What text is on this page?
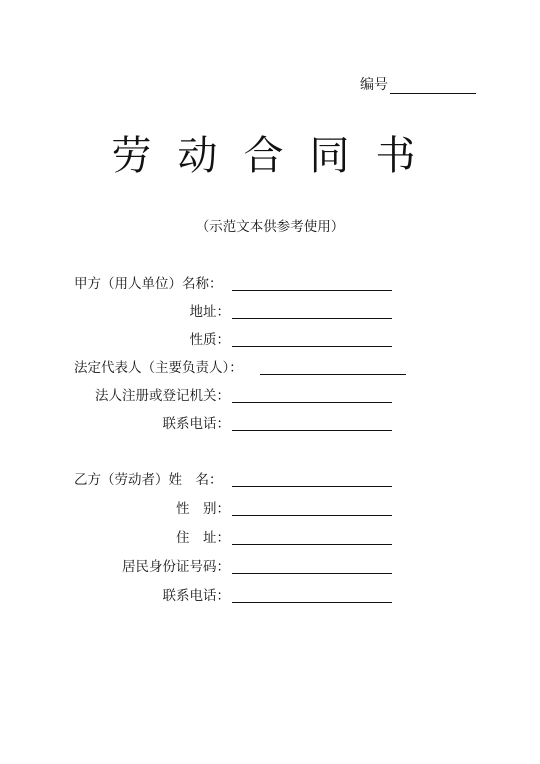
编号
劳动合同书
（示范文本供参考使用）
甲方（用人单位）名称：
地址：
性质：
法定代表人（主要负责人）：
法人注册或登记机关：
联系电话：
乙方（劳动者）姓　名：
性　别：
住　址：
居民身份证号码：
联系电话：
